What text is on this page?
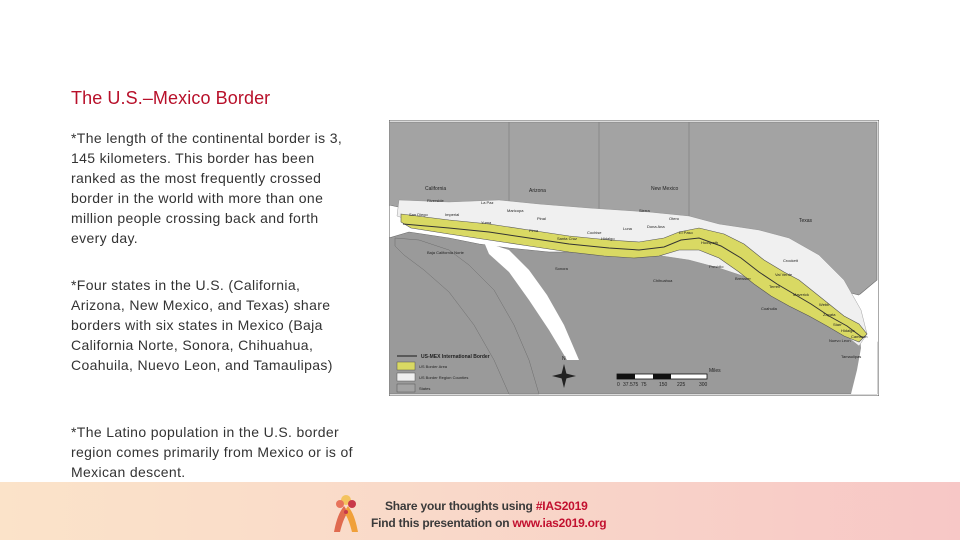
The U.S.–Mexico Border
*The length of the continental border is 3, 145 kilometers. This border has been ranked as the most frequently crossed border in the world with more than one million people crossing back and forth every day.
*Four states in the U.S. (California, Arizona, New Mexico, and Texas) share borders with six states in Mexico (Baja California Norte, Sonora, Chihuahua, Coahuila, Nuevo Leon, and Tamaulipas)
*The Latino population in the U.S. border region comes primarily from Mexico or is of Mexican descent.
California	Arizona	New Mexico
Texas
Baja California Norte
Sonora
Chihuahua
Coahuila
Nuevo Leon
Tamaulipas
Riverside
San Diego	Imperial
La Paz
Maricopa
Yuma
Pinal
Pima
Santa Cruz
Cochise
Hidalgo
Luna
Sierra
Otero
Dona Ana
El Paso
Hudspeth
Presidio
Brewster
Val Verde
Crockett
Terrell
Maverick
Webb
Zapata
Starr
Hidalgo
Cameron
US-MEX International Border
US Border Area
US Border Region Counties
States
N
0 37.575 75 150 225	300
Miles
Share your thoughts using #IAS2019
Find this presentation on www.ias2019.org
